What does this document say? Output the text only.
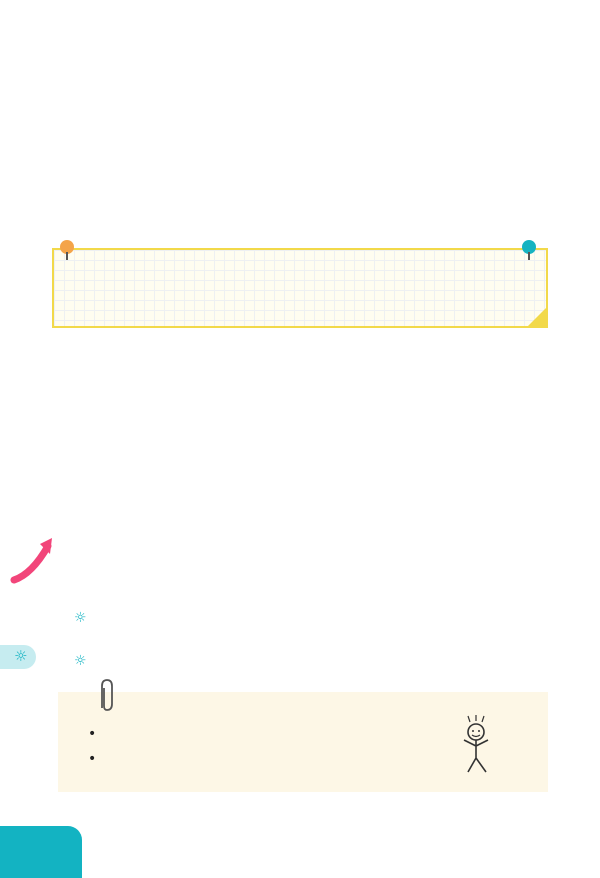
☼
☼
☼
•
•
